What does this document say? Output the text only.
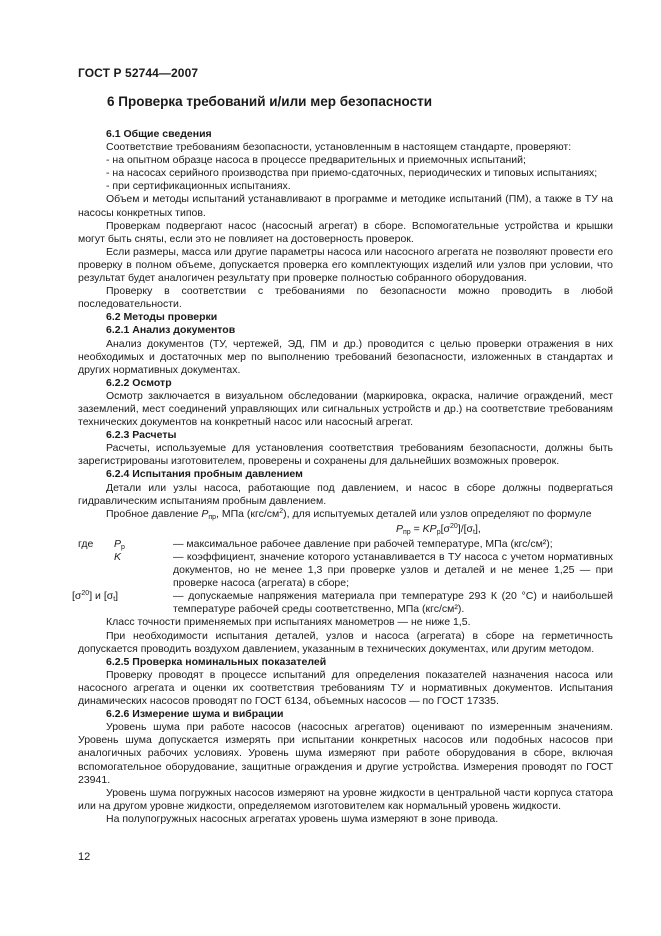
ГОСТ Р 52744—2007
6 Проверка требований и/или мер безопасности

6.1 Общие сведения

Соответствие требованиям безопасности, установленным в настоящем стандарте, проверяют:

- на опытном образце насоса в процессе предварительных и приемочных испытаний;

- на насосах серийного производства при приемо-сдаточных, периодических и типовых испытаниях;

- при сертификационных испытаниях.

Объем и методы испытаний устанавливают в программе и методике испытаний (ПМ), а также в ТУ на насосы конкретных типов.

Проверкам подвергают насос (насосный агрегат) в сборе. Вспомогательные устройства и крышки могут быть сняты, если это не повлияет на достоверность проверок.

Если размеры, масса или другие параметры насоса или насосного агрегата не позволяют провести его проверку в полном объеме, допускается проверка его комплектующих изделий или узлов при условии, что результат будет аналогичен результату при проверке полностью собранного оборудования.

Проверку в соответствии с требованиями по безопасности можно проводить в любой последовательности.

6.2 Методы проверки

6.2.1 Анализ документов

Анализ документов (ТУ, чертежей, ЭД, ПМ и др.) проводится с целью проверки отражения в них необходимых и достаточных мер по выполнению требований безопасности, изложенных в стандартах и других нормативных документах.

6.2.2 Осмотр

Осмотр заключается в визуальном обследовании (маркировка, окраска, наличие ограждений, мест заземлений, мест соединений управляющих или сигнальных устройств и др.) на соответствие требованиям технических документов на конкретный насос или насосный агрегат.

6.2.3 Расчеты

Расчеты, используемые для установления соответствия требованиям безопасности, должны быть зарегистрированы изготовителем, проверены и сохранены для дальнейших возможных проверок.

6.2.4 Испытания пробным давлением

Детали или узлы насоса, работающие под давлением, и насос в сборе должны подвергаться гидравлическим испытаниям пробным давлением.

Пробное давление $P_{пр}$, МПа $(кгс/см^2)$, для испытуемых деталей или узлов определяют по формуле

$P_{пр} = KP_р[\sigma^{20}]/[\sigma_t]$,

где $P_р$	— максимальное рабочее давление при рабочей температуре, МПа (кгс/см²);
K	— коэффициент, значение которого устанавливается в ТУ насоса с учетом нормативных документов, но не менее 1,3 при проверке узлов и деталей и не менее 1,25 — при проверке насоса (агрегата) в сборе;
$[\sigma^{20}]$ и $[\sigma_t]$	— допускаемые напряжения материала при температуре 293 К (20 °С) и наибольшей температуре рабочей среды соответственно, МПа (кгс/см²).

Класс точности применяемых при испытаниях манометров — не ниже 1,5.

При необходимости испытания деталей, узлов и насоса (агрегата) в сборе на герметичность допускается проводить воздухом давлением, указанным в технических документах, или другим методом.

6.2.5 Проверка номинальных показателей

Проверку проводят в процессе испытаний для определения показателей назначения насоса или насосного агрегата и оценки их соответствия требованиям ТУ и нормативных документов. Испытания динамических насосов проводят по ГОСТ 6134, объемных насосов — по ГОСТ 17335.

6.2.6 Измерение шума и вибрации

Уровень шума при работе насосов (насосных агрегатов) оценивают по измеренным значениям. Уровень шума допускается измерять при испытании конкретных насосов или подобных насосов при аналогичных рабочих условиях. Уровень шума измеряют при работе оборудования в сборе, включая вспомогательное оборудование, защитные ограждения и другие устройства. Измерения проводят по ГОСТ 23941.

Уровень шума погружных насосов измеряют на уровне жидкости в центральной части корпуса статора или на другом уровне жидкости, определяемом изготовителем как нормальный уровень жидкости.

На полупогружных насосных агрегатах уровень шума измеряют в зоне привода.

12
